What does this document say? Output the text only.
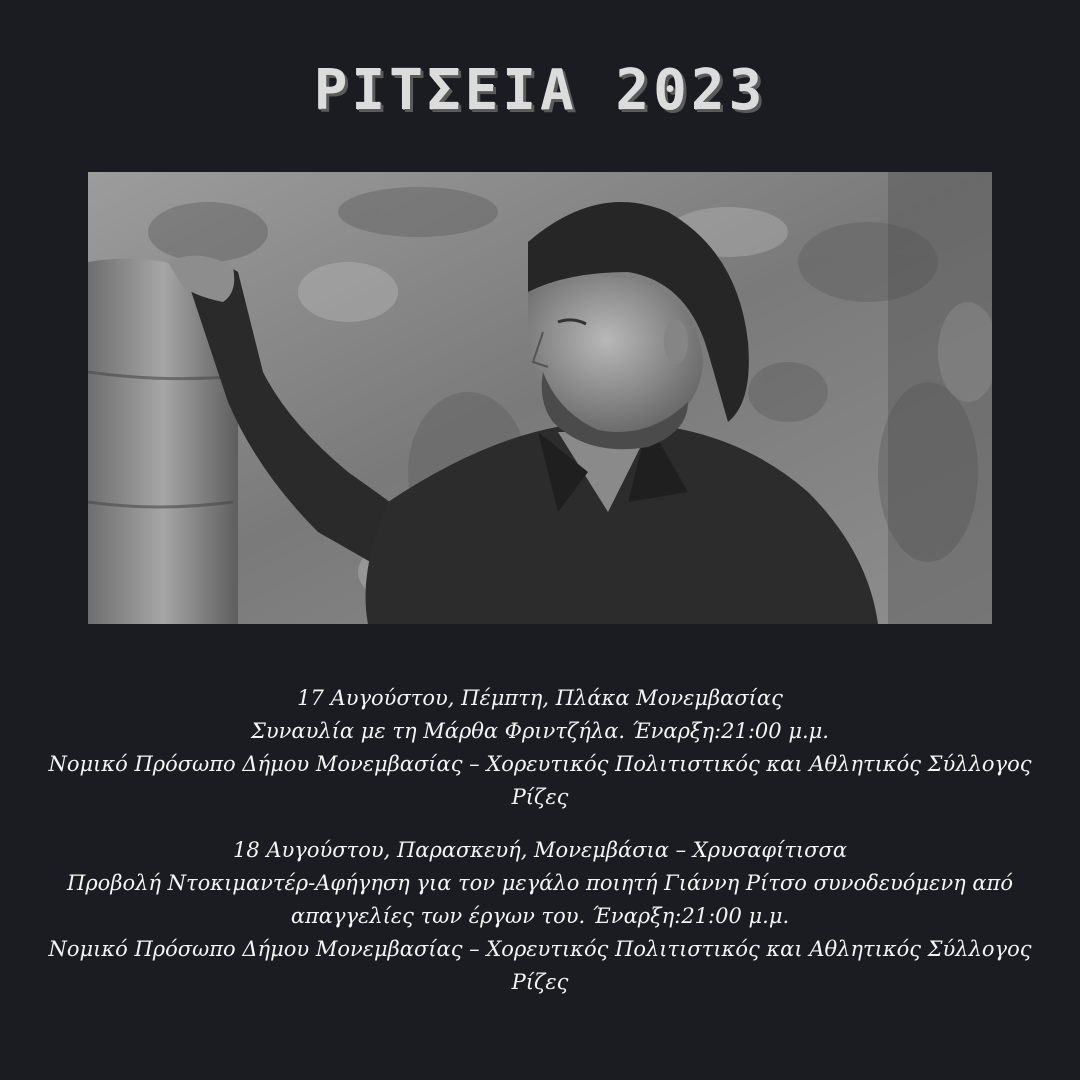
ΡΙΤΣΕΙΑ 2023

17 Αυγούστου, Πέμπτη, Πλάκα Μονεμβασίας

Συναυλία με τη Μάρθα Φριντζήλα. Έναρξη:21:00 μ.μ.

Νομικό Πρόσωπο Δήμου Μονεμβασίας – Χορευτικός Πολιτιστικός και Αθλητικός Σύλλογος Ρίζες

18 Αυγούστου, Παρασκευή, Μονεμβάσια – Χρυσαφίτισσα

Προβολή Ντοκιμαντέρ-Αφήγηση για τον μεγάλο ποιητή Γιάννη Ρίτσο συνοδευόμενη από απαγγελίες των έργων του. Έναρξη:21:00 μ.μ.

Νομικό Πρόσωπο Δήμου Μονεμβασίας – Χορευτικός Πολιτιστικός και Αθλητικός Σύλλογος Ρίζες
